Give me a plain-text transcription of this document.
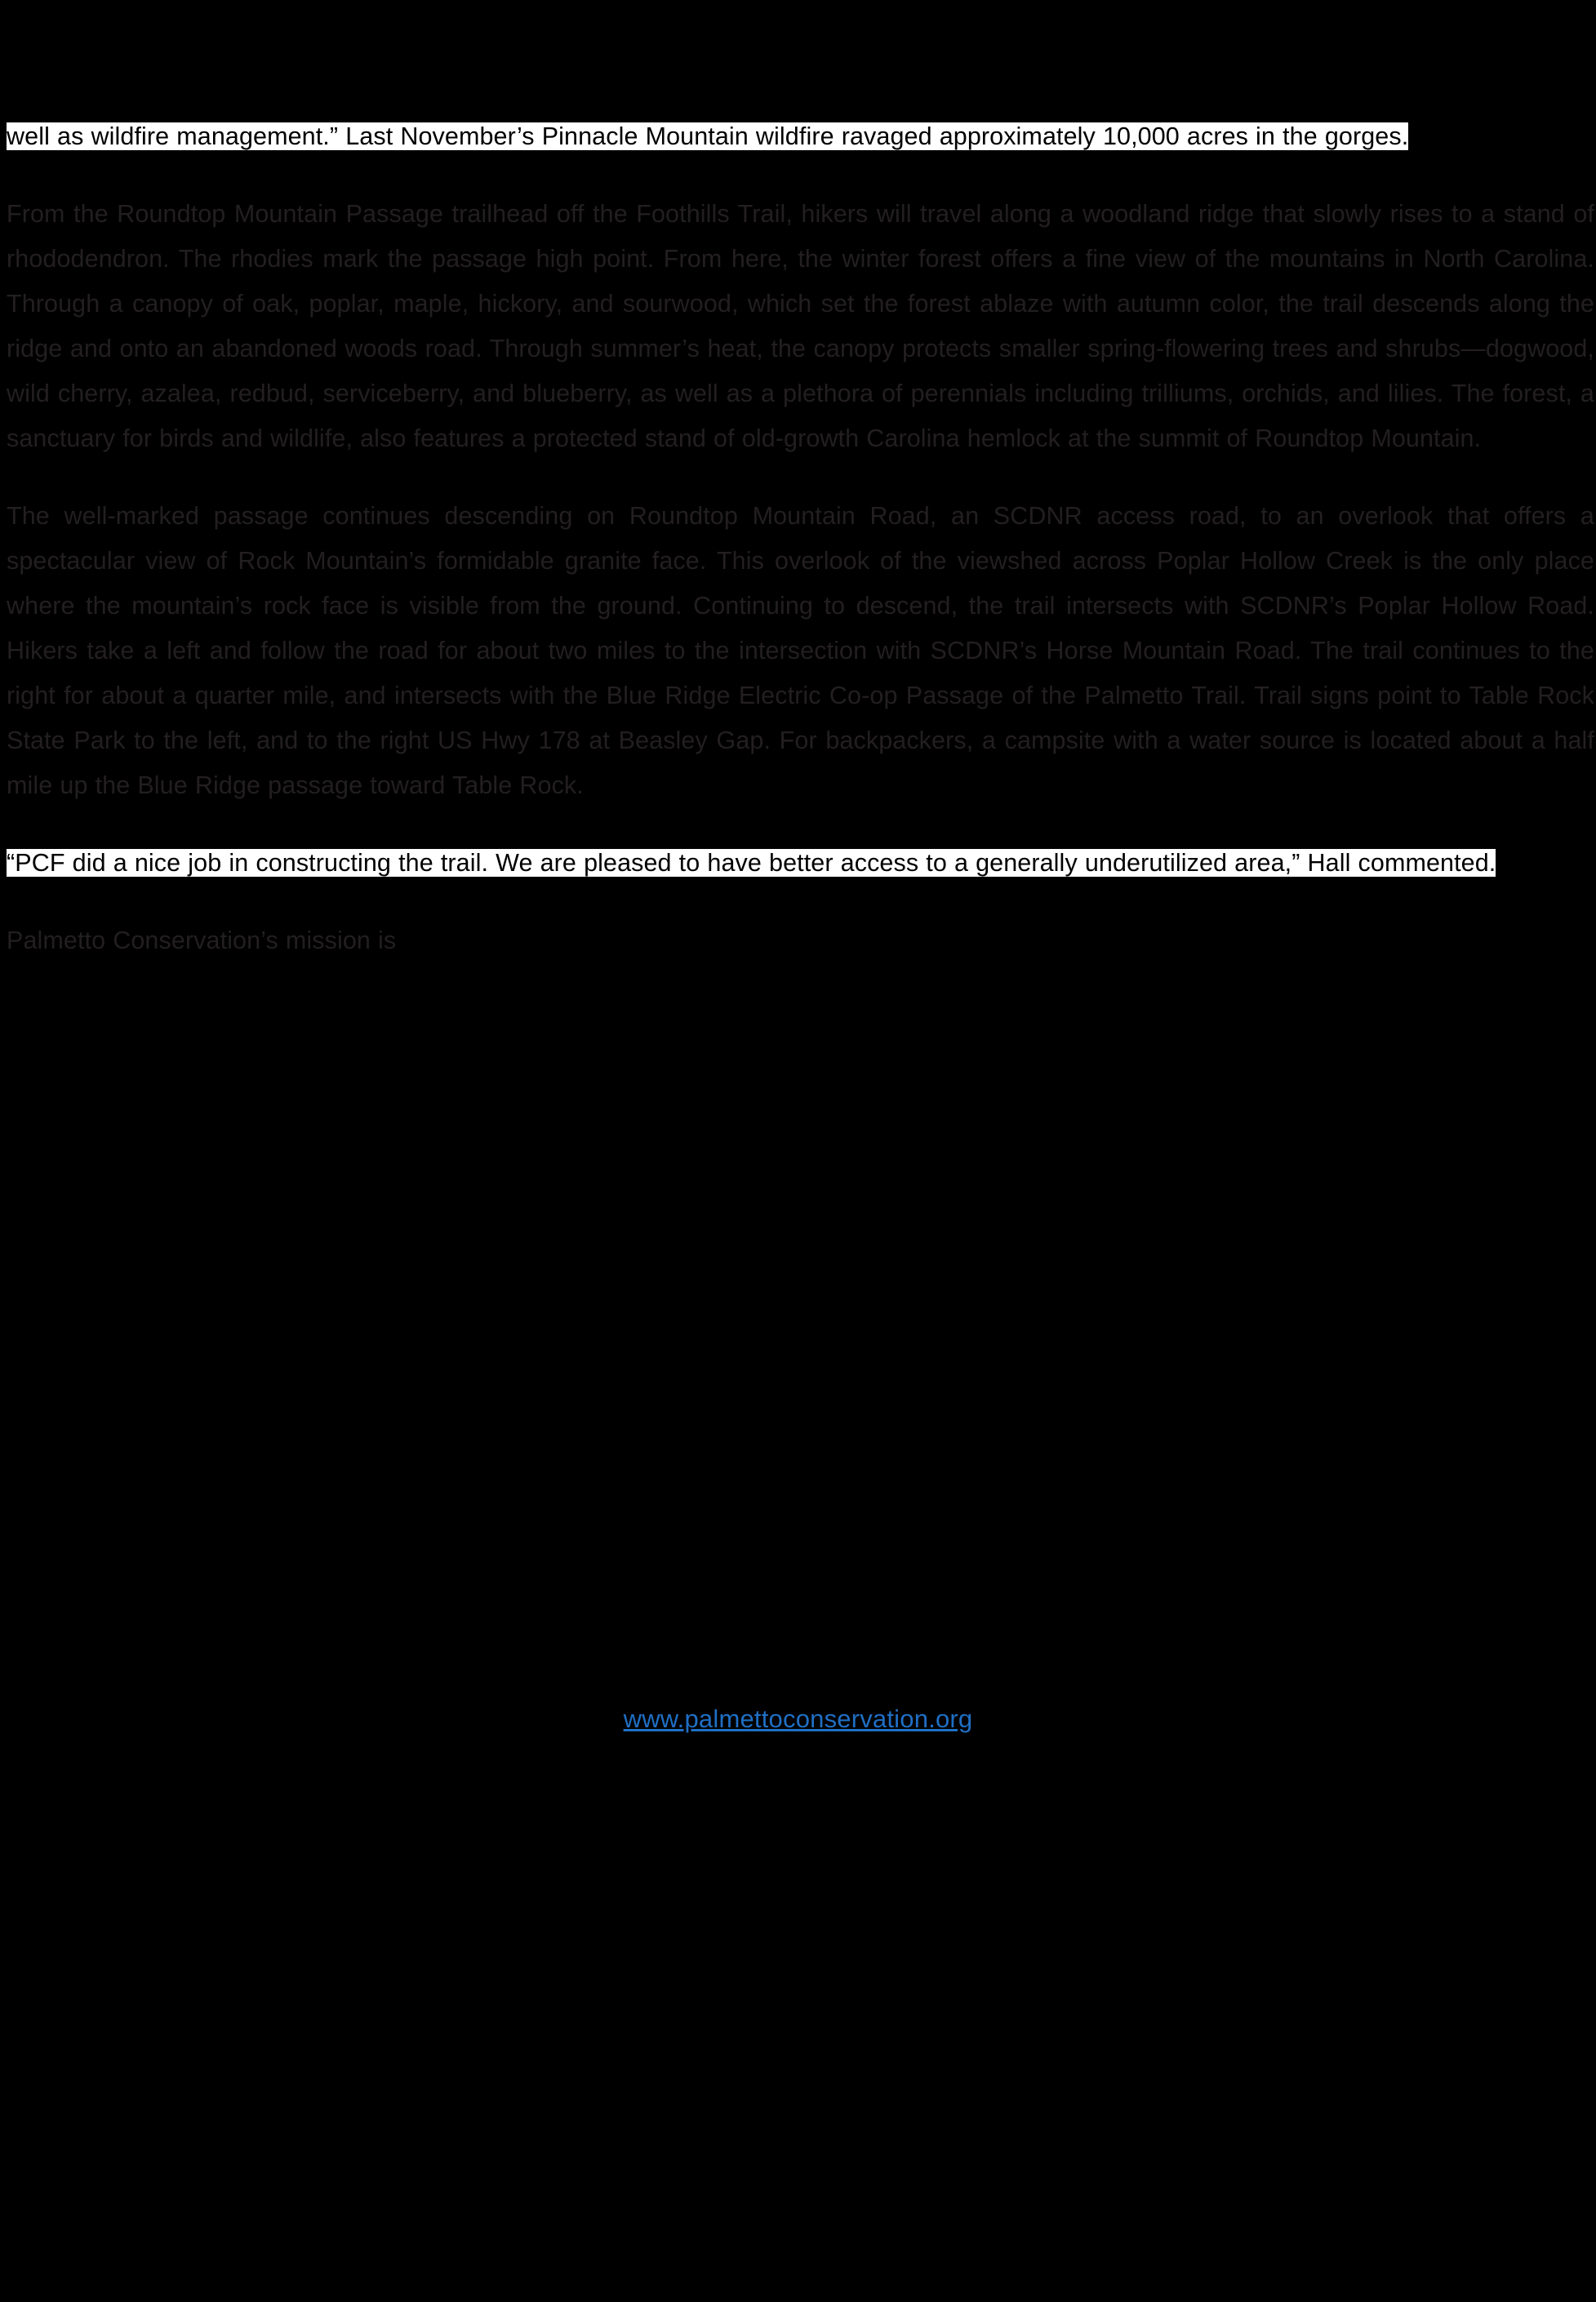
well as wildfire management.” Last November’s Pinnacle Mountain wildfire ravaged approximately 10,000 acres in the gorges.

From the Roundtop Mountain Passage trailhead off the Foothills Trail, hikers will travel along a woodland ridge that slowly rises to a stand of rhododendron. The rhodies mark the passage high point. From here, the winter forest offers a fine view of the mountains in North Carolina. Through a canopy of oak, poplar, maple, hickory, and sourwood, which set the forest ablaze with autumn color, the trail descends along the ridge and onto an abandoned woods road. Through summer’s heat, the canopy protects smaller spring-flowering trees and shrubs—dogwood, wild cherry, azalea, redbud, serviceberry, and blueberry, as well as a plethora of perennials including trilliums, orchids, and lilies. The forest, a sanctuary for birds and wildlife, also features a protected stand of old-growth Carolina hemlock at the summit of Roundtop Mountain.

The well-marked passage continues descending on Roundtop Mountain Road, an SCDNR access road, to an overlook that offers a spectacular view of Rock Mountain’s formidable granite face. This overlook of the viewshed across Poplar Hollow Creek is the only place where the mountain’s rock face is visible from the ground. Continuing to descend, the trail intersects with SCDNR’s Poplar Hollow Road. Hikers take a left and follow the road for about two miles to the intersection with SCDNR’s Horse Mountain Road. The trail continues to the right for about a quarter mile, and intersects with the Blue Ridge Electric Co-op Passage of the Palmetto Trail. Trail signs point to Table Rock State Park to the left, and to the right US Hwy 178 at Beasley Gap. For backpackers, a campsite with a water source is located about a half mile up the Blue Ridge passage toward Table Rock.

“PCF did a nice job in constructing the trail. We are pleased to have better access to a generally underutilized area,” Hall commented.

Palmetto Conservation’s mission is

www.palmettoconservation.org
